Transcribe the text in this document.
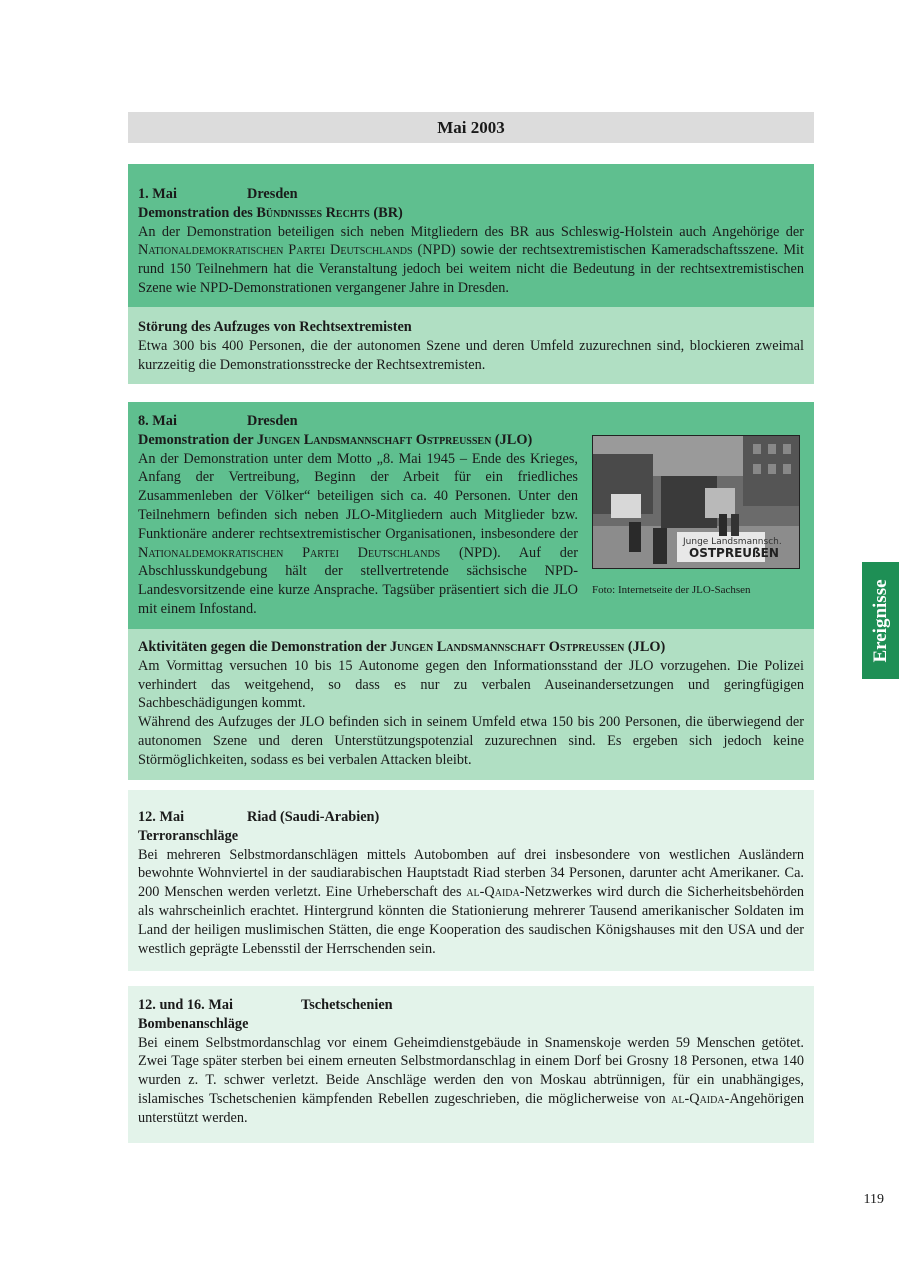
Mai 2003

1. Mai	Dresden

Demonstration des Bündnisses Rechts (BR)

An der Demonstration beteiligen sich neben Mitgliedern des BR aus Schleswig-Holstein auch Angehörige der Nationaldemokratischen Partei Deutschlands (NPD) sowie der rechtsextremistischen Kameradschaftsszene. Mit rund 150 Teilnehmern hat die Veranstaltung jedoch bei weitem nicht die Bedeutung in der rechtsextremistischen Szene wie NPD-Demonstrationen vergangener Jahre in Dresden.

Störung des Aufzuges von Rechtsextremisten

Etwa 300 bis 400 Personen, die der autonomen Szene und deren Umfeld zuzurechnen sind, blockieren zweimal kurzzeitig die Demonstrationsstrecke der Rechtsextremisten.

8. Mai	Dresden

Demonstration der Jungen Landsmannschaft Ostpreußen (JLO)

An der Demonstration unter dem Motto „8. Mai 1945 – Ende des Krieges, Anfang der Vertreibung, Beginn der Arbeit für ein friedliches Zusammenleben der Völker“ beteiligen sich ca. 40 Personen. Unter den Teilnehmern befinden sich neben JLO-Mitgliedern auch Mitglieder bzw. Funktionäre anderer rechtsextremistischer Organisationen, insbesondere der Nationaldemokratischen Partei Deutschlands (NPD). Auf der Abschlusskundgebung hält der stellvertretende sächsische NPD-Landesvorsitzende eine kurze Ansprache. Tagsüber präsentiert sich die JLO mit einem Infostand.

Junge Landsmannsch.
OSTPREUßEN
Foto: Internetseite der JLO-Sachsen

Aktivitäten gegen die Demonstration der Jungen Landsmannschaft Ostpreußen (JLO)

Am Vormittag versuchen 10 bis 15 Autonome gegen den Informationsstand der JLO vorzugehen. Die Polizei verhindert das weitgehend, so dass es nur zu verbalen Auseinandersetzungen und geringfügigen Sachbeschädigungen kommt.

Während des Aufzuges der JLO befinden sich in seinem Umfeld etwa 150 bis 200 Personen, die überwiegend der autonomen Szene und deren Unterstützungspotenzial zuzurechnen sind. Es ergeben sich jedoch keine Störmöglichkeiten, sodass es bei verbalen Attacken bleibt.

12. Mai	Riad (Saudi-Arabien)

Terroranschläge

Bei mehreren Selbstmordanschlägen mittels Autobomben auf drei insbesondere von westlichen Ausländern bewohnte Wohnviertel in der saudiarabischen Hauptstadt Riad sterben 34 Personen, darunter acht Amerikaner. Ca. 200 Menschen werden verletzt. Eine Urheberschaft des al-Qaida-Netzwerkes wird durch die Sicherheitsbehörden als wahrscheinlich erachtet. Hintergrund könnten die Stationierung mehrerer Tausend amerikanischer Soldaten im Land der heiligen muslimischen Stätten, die enge Kooperation des saudischen Königshauses mit den USA und der westlich geprägte Lebensstil der Herrschenden sein.

12. und 16. Mai	Tschetschenien

Bombenanschläge

Bei einem Selbstmordanschlag vor einem Geheimdienstgebäude in Snamenskoje werden 59 Menschen getötet. Zwei Tage später sterben bei einem erneuten Selbstmordanschlag in einem Dorf bei Grosny 18 Personen, etwa 140 wurden z. T. schwer verletzt. Beide Anschläge werden den von Moskau abtrünnigen, für ein unabhängiges, islamisches Tschetschenien kämpfenden Rebellen zugeschrieben, die möglicherweise von al-Qaida-Angehörigen unterstützt werden.

Ereignisse
119
